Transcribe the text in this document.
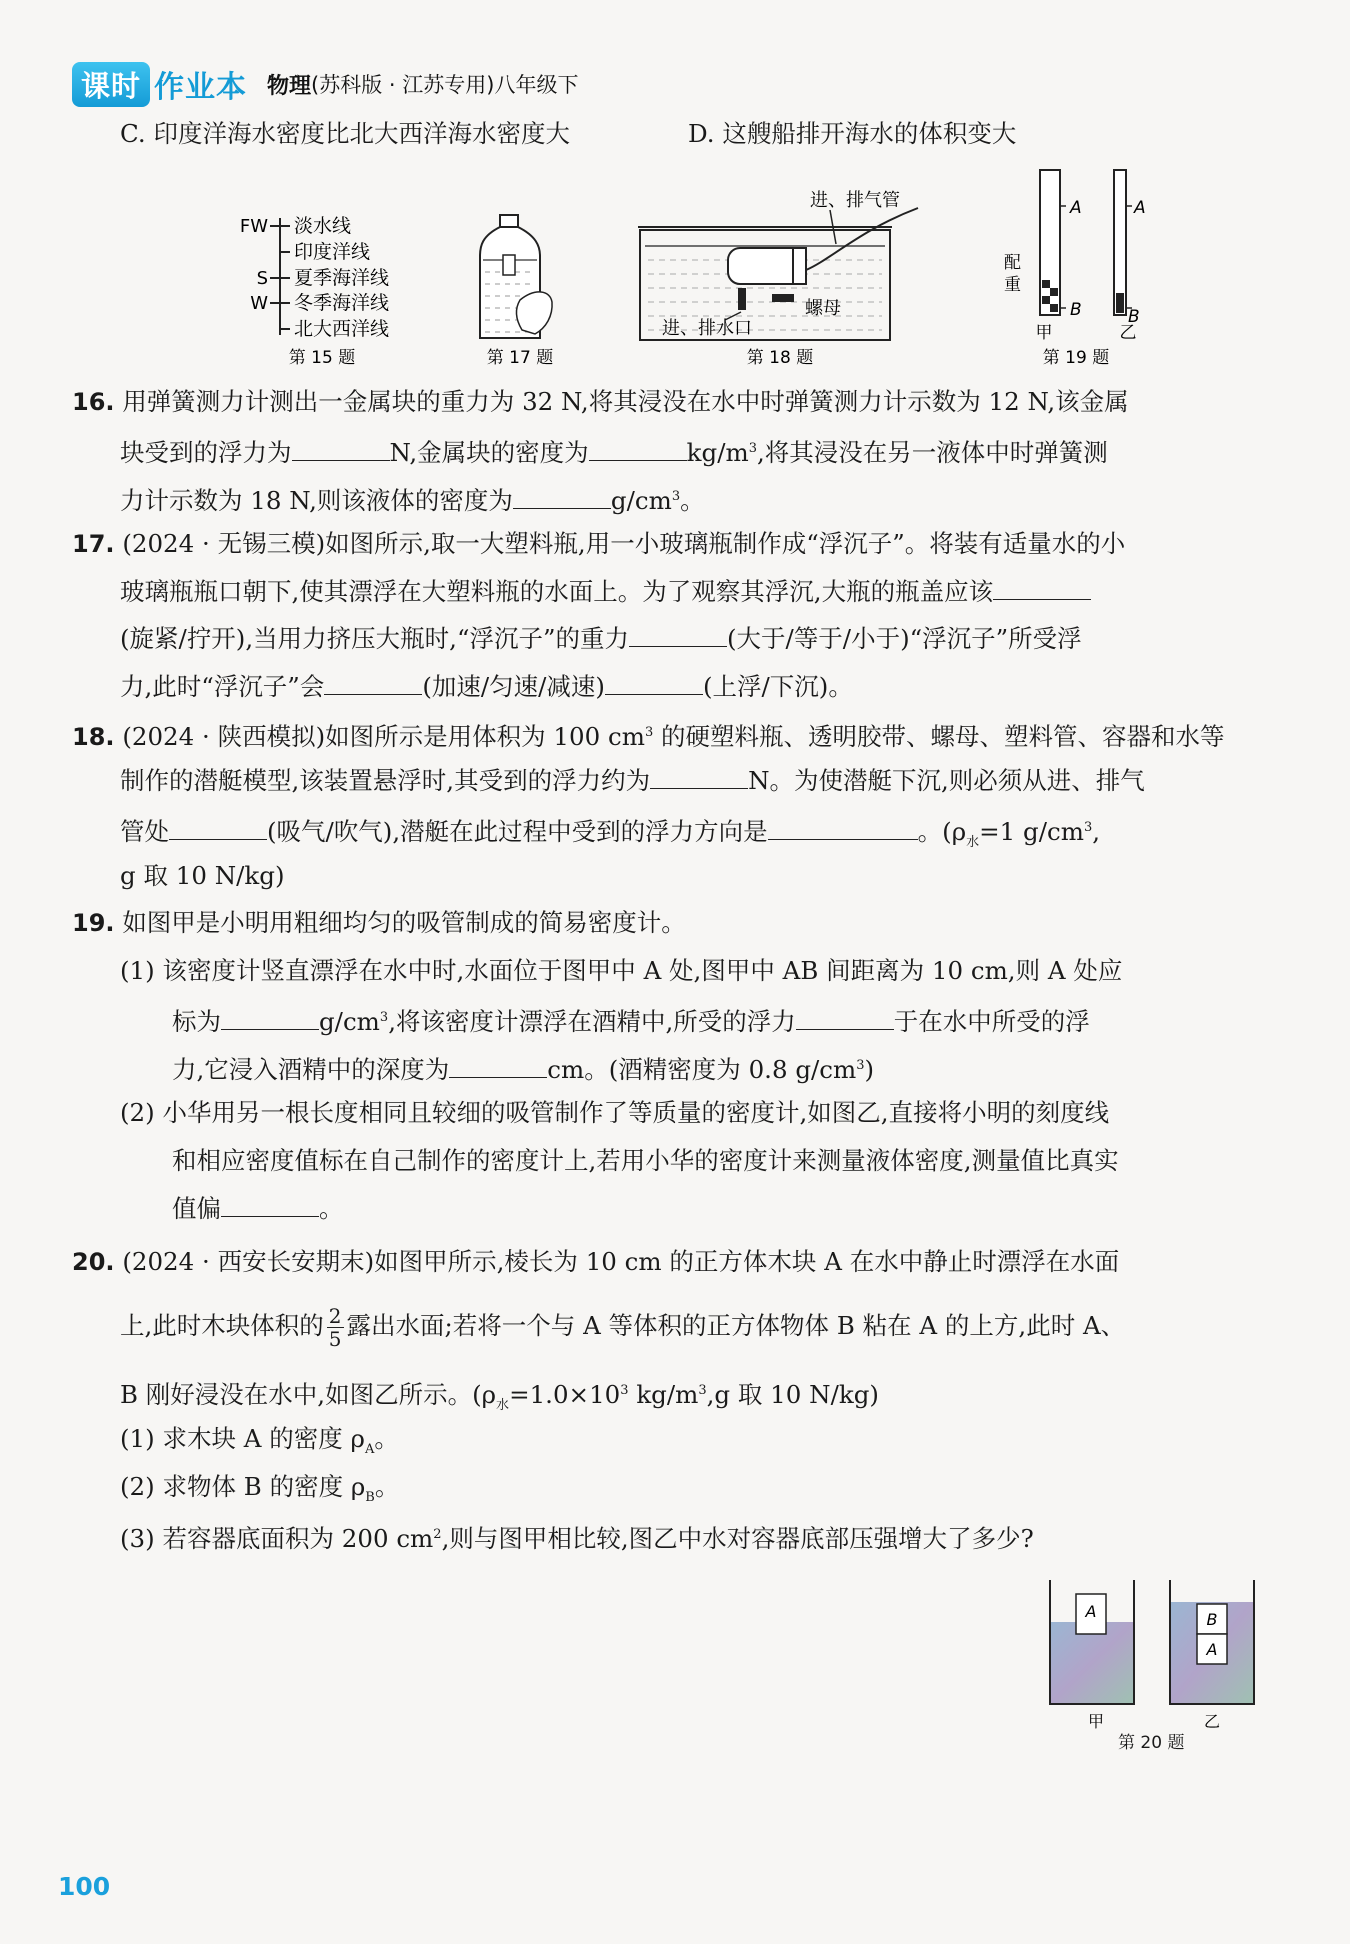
课时 作业本 物理 (苏科版 · 江苏专用)八年级下
C. 印度洋海水密度比北大西洋海水密度大	D. 这艘船排开海水的体积变大
FW
S
W
淡水线
印度洋线
夏季海洋线
冬季海洋线
北大西洋线
第 15 题	第 17 题
进、排气管
进、排水口
螺母
第 18 题
A
B
配
重
甲
A
B
乙
第 19 题
16. 用弹簧测力计测出一金属块的重力为 32 N,将其浸没在水中时弹簧测力计示数为 12 N,该金属
块受到的浮力为	N,金属块的密度为	$kg/m^3$,将其浸没在另一液体中时弹簧测
力计示数为 18 N,则该液体的密度为	$g/cm^3$。
17. (2024 · 无锡三模)如图所示,取一大塑料瓶,用一小玻璃瓶制作成“浮沉子”。将装有适量水的小
玻璃瓶瓶口朝下,使其漂浮在大塑料瓶的水面上。为了观察其浮沉,大瓶的瓶盖应该
(旋紧/拧开),当用力挤压大瓶时,“浮沉子”的重力	(大于/等于/小于)“浮沉子”所受浮
力,此时“浮沉子”会	(加速/匀速/减速)	(上浮/下沉)。
18. (2024 · 陕西模拟)如图所示是用体积为 100 $cm^3$ 的硬塑料瓶、透明胶带、螺母、塑料管、容器和水等
制作的潜艇模型,该装置悬浮时,其受到的浮力约为	N。为使潜艇下沉,则必须从进、排气
管处	(吸气/吹气),潜艇在此过程中受到的浮力方向是	。($\rho_水=1$ $g/cm^3$,
g 取 10 N/kg)
19. 如图甲是小明用粗细均匀的吸管制成的简易密度计。
(1) 该密度计竖直漂浮在水中时,水面位于图甲中 A 处,图甲中 AB 间距离为 10 cm,则 A 处应
标为	$g/cm^3$,将该密度计漂浮在酒精中,所受的浮力	于在水中所受的浮
力,它浸入酒精中的深度为	cm。(酒精密度为 0.8 $g/cm^3$)
(2) 小华用另一根长度相同且较细的吸管制作了等质量的密度计,如图乙,直接将小明的刻度线
和相应密度值标在自己制作的密度计上,若用小华的密度计来测量液体密度,测量值比真实
值偏	。
20. (2024 · 西安长安期末)如图甲所示,棱长为 10 cm 的正方体木块 A 在水中静止时漂浮在水面
上,此时木块体积的 $\frac{2}{5}$ 露出水面;若将一个与 A 等体积的正方体物体 B 粘在 A 的上方,此时 A、
B 刚好浸没在水中,如图乙所示。($\rho_水=1.0\times 10^3$ $kg/m^3,g$ 取 10 N/kg)
(1) 求木块 A 的密度 $\rho_A$。
(2) 求物体 B 的密度 $\rho_B$。
(3) 若容器底面积为 200 $cm^2$,则与图甲相比较,图乙中水对容器底部压强增大了多少?
A
甲
B
A
乙
第 20 题
100
